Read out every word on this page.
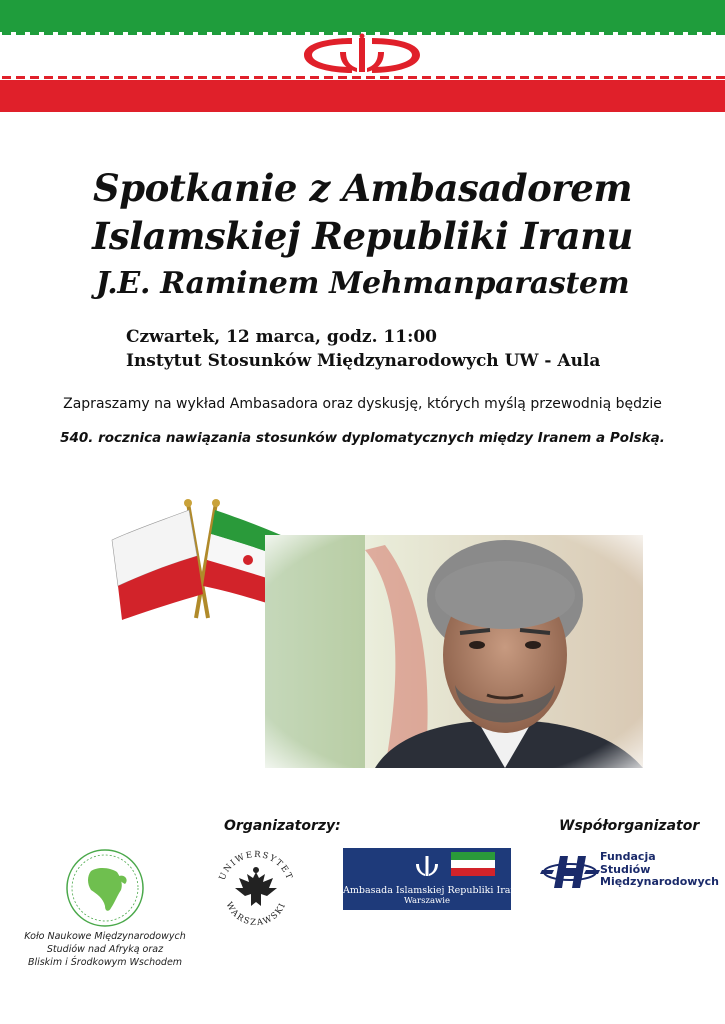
Spotkanie z Ambasadorem
Islamskiej Republiki Iranu
J.E. Raminem Mehmanparastem
Czwartek, 12 marca, godz. 11:00
Instytut Stosunków Międzynarodowych UW - Aula
Zapraszamy na wykład Ambasadora oraz dyskusję, których myślą przewodnią będzie
540. rocznica nawiązania stosunków dyplomatycznych między Iranem a Polską.
Organizatorzy:	Współorganizator
Koło Naukowe Międzynarodowych
Studiów nad Afryką oraz
Bliskim i Środkowym Wschodem
UNIWERSYTET
WARSZAWSKI
Ambasada Islamskiej Republiki Iranu
Warszawie
Fundacja
Studiów
Międzynarodowych
